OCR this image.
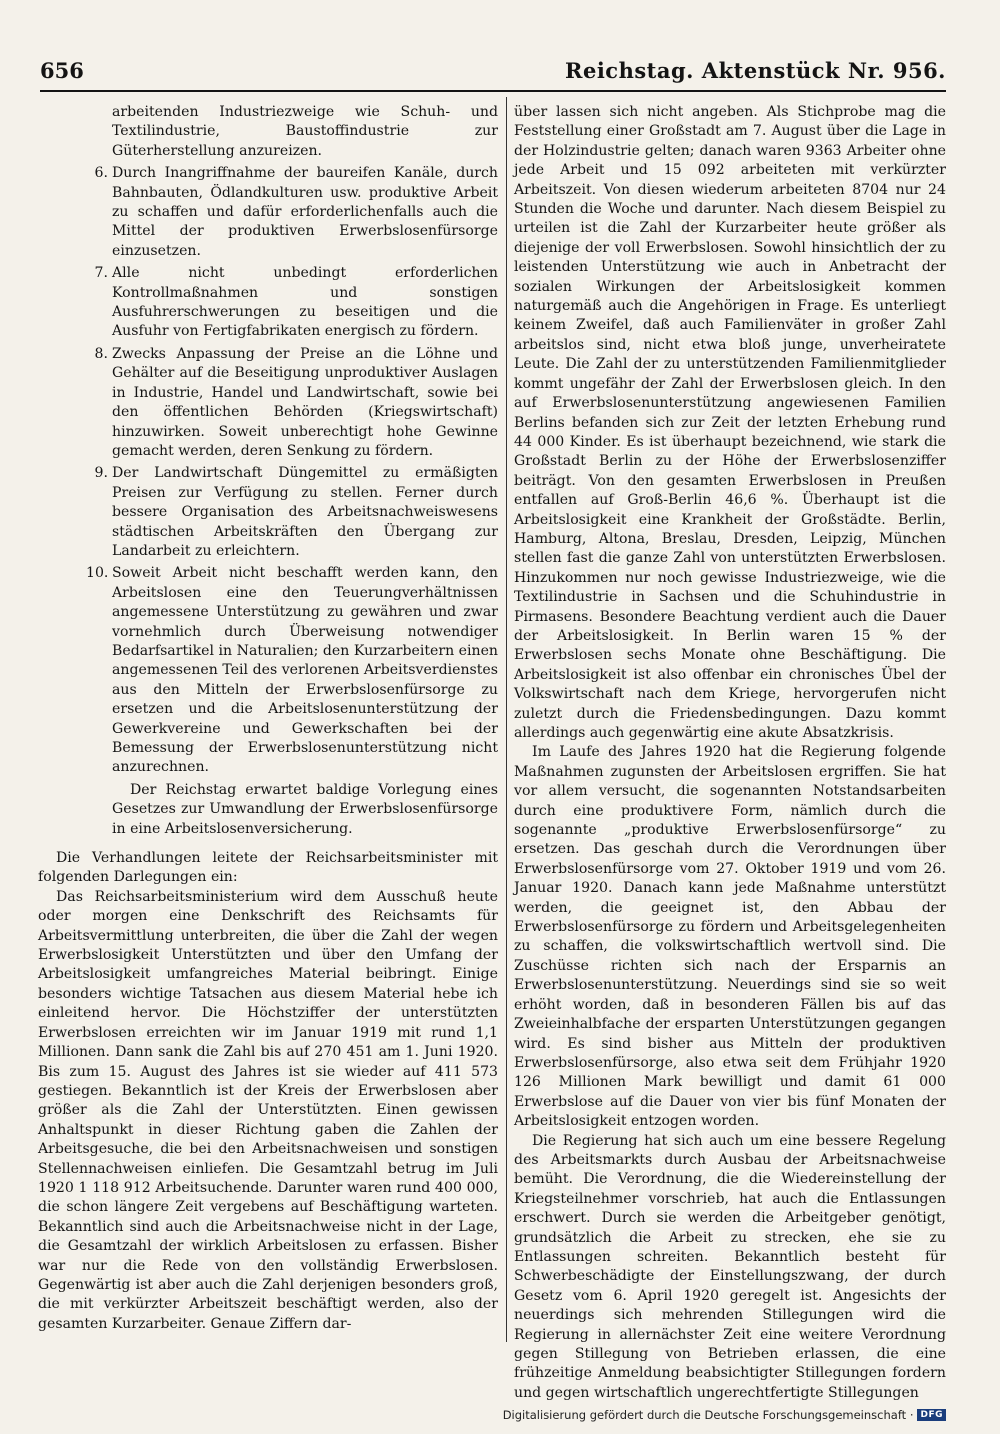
656	Reichstag. Aktenstück Nr. 956.

arbeitenden Industriezweige wie Schuh- und Textilindustrie, Baustoffindustrie zur Güterherstellung anzureizen.

6. Durch Inangriffnahme der baureifen Kanäle, durch Bahnbauten, Ödlandkulturen usw. produktive Arbeit zu schaffen und dafür erforderlichenfalls auch die Mittel der produktiven Erwerbslosenfürsorge einzusetzen.

7. Alle nicht unbedingt erforderlichen Kontrollmaßnahmen und sonstigen Ausfuhrerschwerungen zu beseitigen und die Ausfuhr von Fertigfabrikaten energisch zu fördern.

8. Zwecks Anpassung der Preise an die Löhne und Gehälter auf die Beseitigung unproduktiver Auslagen in Industrie, Handel und Landwirtschaft, sowie bei den öffentlichen Behörden (Kriegswirtschaft) hinzuwirken. Soweit unberechtigt hohe Gewinne gemacht werden, deren Senkung zu fördern.

9. Der Landwirtschaft Düngemittel zu ermäßigten Preisen zur Verfügung zu stellen. Ferner durch bessere Organisation des Arbeitsnachweiswesens städtischen Arbeitskräften den Übergang zur Landarbeit zu erleichtern.

10. Soweit Arbeit nicht beschafft werden kann, den Arbeitslosen eine den Teuerungverhältnissen angemessene Unterstützung zu gewähren und zwar vornehmlich durch Überweisung notwendiger Bedarfsartikel in Naturalien; den Kurzarbeitern einen angemessenen Teil des verlorenen Arbeitsverdienstes aus den Mitteln der Erwerbslosenfürsorge zu ersetzen und die Arbeitslosenunterstützung der Gewerkvereine und Gewerkschaften bei der Bemessung der Erwerbslosenunterstützung nicht anzurechnen.

Der Reichstag erwartet baldige Vorlegung eines Gesetzes zur Umwandlung der Erwerbslosenfürsorge in eine Arbeitslosenversicherung.

Die Verhandlungen leitete der Reichsarbeitsminister mit folgenden Darlegungen ein:

Das Reichsarbeitsministerium wird dem Ausschuß heute oder morgen eine Denkschrift des Reichsamts für Arbeitsvermittlung unterbreiten, die über die Zahl der wegen Erwerbslosigkeit Unterstützten und über den Umfang der Arbeitslosigkeit umfangreiches Material beibringt. Einige besonders wichtige Tatsachen aus diesem Material hebe ich einleitend hervor. Die Höchstziffer der unterstützten Erwerbslosen erreichten wir im Januar 1919 mit rund 1,1 Millionen. Dann sank die Zahl bis auf 270 451 am 1. Juni 1920. Bis zum 15. August des Jahres ist sie wieder auf 411 573 gestiegen. Bekanntlich ist der Kreis der Erwerbslosen aber größer als die Zahl der Unterstützten. Einen gewissen Anhaltspunkt in dieser Richtung gaben die Zahlen der Arbeitsgesuche, die bei den Arbeitsnachweisen und sonstigen Stellennachweisen einliefen. Die Gesamtzahl betrug im Juli 1920 1 118 912 Arbeitsuchende. Darunter waren rund 400 000, die schon längere Zeit vergebens auf Beschäftigung warteten. Bekanntlich sind auch die Arbeitsnachweise nicht in der Lage, die Gesamtzahl der wirklich Arbeitslosen zu erfassen. Bisher war nur die Rede von den vollständig Erwerbslosen. Gegenwärtig ist aber auch die Zahl derjenigen besonders groß, die mit verkürzter Arbeitszeit beschäftigt werden, also der gesamten Kurzarbeiter. Genaue Ziffern dar-

über lassen sich nicht angeben. Als Stichprobe mag die Feststellung einer Großstadt am 7. August über die Lage in der Holzindustrie gelten; danach waren 9363 Arbeiter ohne jede Arbeit und 15 092 arbeiteten mit verkürzter Arbeitszeit. Von diesen wiederum arbeiteten 8704 nur 24 Stunden die Woche und darunter. Nach diesem Beispiel zu urteilen ist die Zahl der Kurzarbeiter heute größer als diejenige der voll Erwerbslosen. Sowohl hinsichtlich der zu leistenden Unterstützung wie auch in Anbetracht der sozialen Wirkungen der Arbeitslosigkeit kommen naturgemäß auch die Angehörigen in Frage. Es unterliegt keinem Zweifel, daß auch Familienväter in großer Zahl arbeitslos sind, nicht etwa bloß junge, unverheiratete Leute. Die Zahl der zu unterstützenden Familienmitglieder kommt ungefähr der Zahl der Erwerbslosen gleich. In den auf Erwerbslosenunterstützung angewiesenen Familien Berlins befanden sich zur Zeit der letzten Erhebung rund 44 000 Kinder. Es ist überhaupt bezeichnend, wie stark die Großstadt Berlin zu der Höhe der Erwerbslosenziffer beiträgt. Von den gesamten Erwerbslosen in Preußen entfallen auf Groß-Berlin 46,6 %. Überhaupt ist die Arbeitslosigkeit eine Krankheit der Großstädte. Berlin, Hamburg, Altona, Breslau, Dresden, Leipzig, München stellen fast die ganze Zahl von unterstützten Erwerbslosen. Hinzukommen nur noch gewisse Industriezweige, wie die Textilindustrie in Sachsen und die Schuhindustrie in Pirmasens. Besondere Beachtung verdient auch die Dauer der Arbeitslosigkeit. In Berlin waren 15 % der Erwerbslosen sechs Monate ohne Beschäftigung. Die Arbeitslosigkeit ist also offenbar ein chronisches Übel der Volkswirtschaft nach dem Kriege, hervorgerufen nicht zuletzt durch die Friedensbedingungen. Dazu kommt allerdings auch gegenwärtig eine akute Absatzkrisis.

Im Laufe des Jahres 1920 hat die Regierung folgende Maßnahmen zugunsten der Arbeitslosen ergriffen. Sie hat vor allem versucht, die sogenannten Notstandsarbeiten durch eine produktivere Form, nämlich durch die sogenannte „produktive Erwerbslosenfürsorge“ zu ersetzen. Das geschah durch die Verordnungen über Erwerbslosenfürsorge vom 27. Oktober 1919 und vom 26. Januar 1920. Danach kann jede Maßnahme unterstützt werden, die geeignet ist, den Abbau der Erwerbslosenfürsorge zu fördern und Arbeitsgelegenheiten zu schaffen, die volkswirtschaftlich wertvoll sind. Die Zuschüsse richten sich nach der Ersparnis an Erwerbslosenunterstützung. Neuerdings sind sie so weit erhöht worden, daß in besonderen Fällen bis auf das Zweieinhalbfache der ersparten Unterstützungen gegangen wird. Es sind bisher aus Mitteln der produktiven Erwerbslosenfürsorge, also etwa seit dem Frühjahr 1920 126 Millionen Mark bewilligt und damit 61 000 Erwerbslose auf die Dauer von vier bis fünf Monaten der Arbeitslosigkeit entzogen worden.

Die Regierung hat sich auch um eine bessere Regelung des Arbeitsmarkts durch Ausbau der Arbeitsnachweise bemüht. Die Verordnung, die die Wiedereinstellung der Kriegsteilnehmer vorschrieb, hat auch die Entlassungen erschwert. Durch sie werden die Arbeitgeber genötigt, grundsätzlich die Arbeit zu strecken, ehe sie zu Entlassungen schreiten. Bekanntlich besteht für Schwerbeschädigte der Einstellungszwang, der durch Gesetz vom 6. April 1920 geregelt ist. Angesichts der neuerdings sich mehrenden Stillegungen wird die Regierung in allernächster Zeit eine weitere Verordnung gegen Stillegung von Betrieben erlassen, die eine frühzeitige Anmeldung beabsichtigter Stillegungen fordern und gegen wirtschaftlich ungerechtfertigte Stillegungen

Digitalisierung gefördert durch die Deutsche Forschungsgemeinschaft · DFG
